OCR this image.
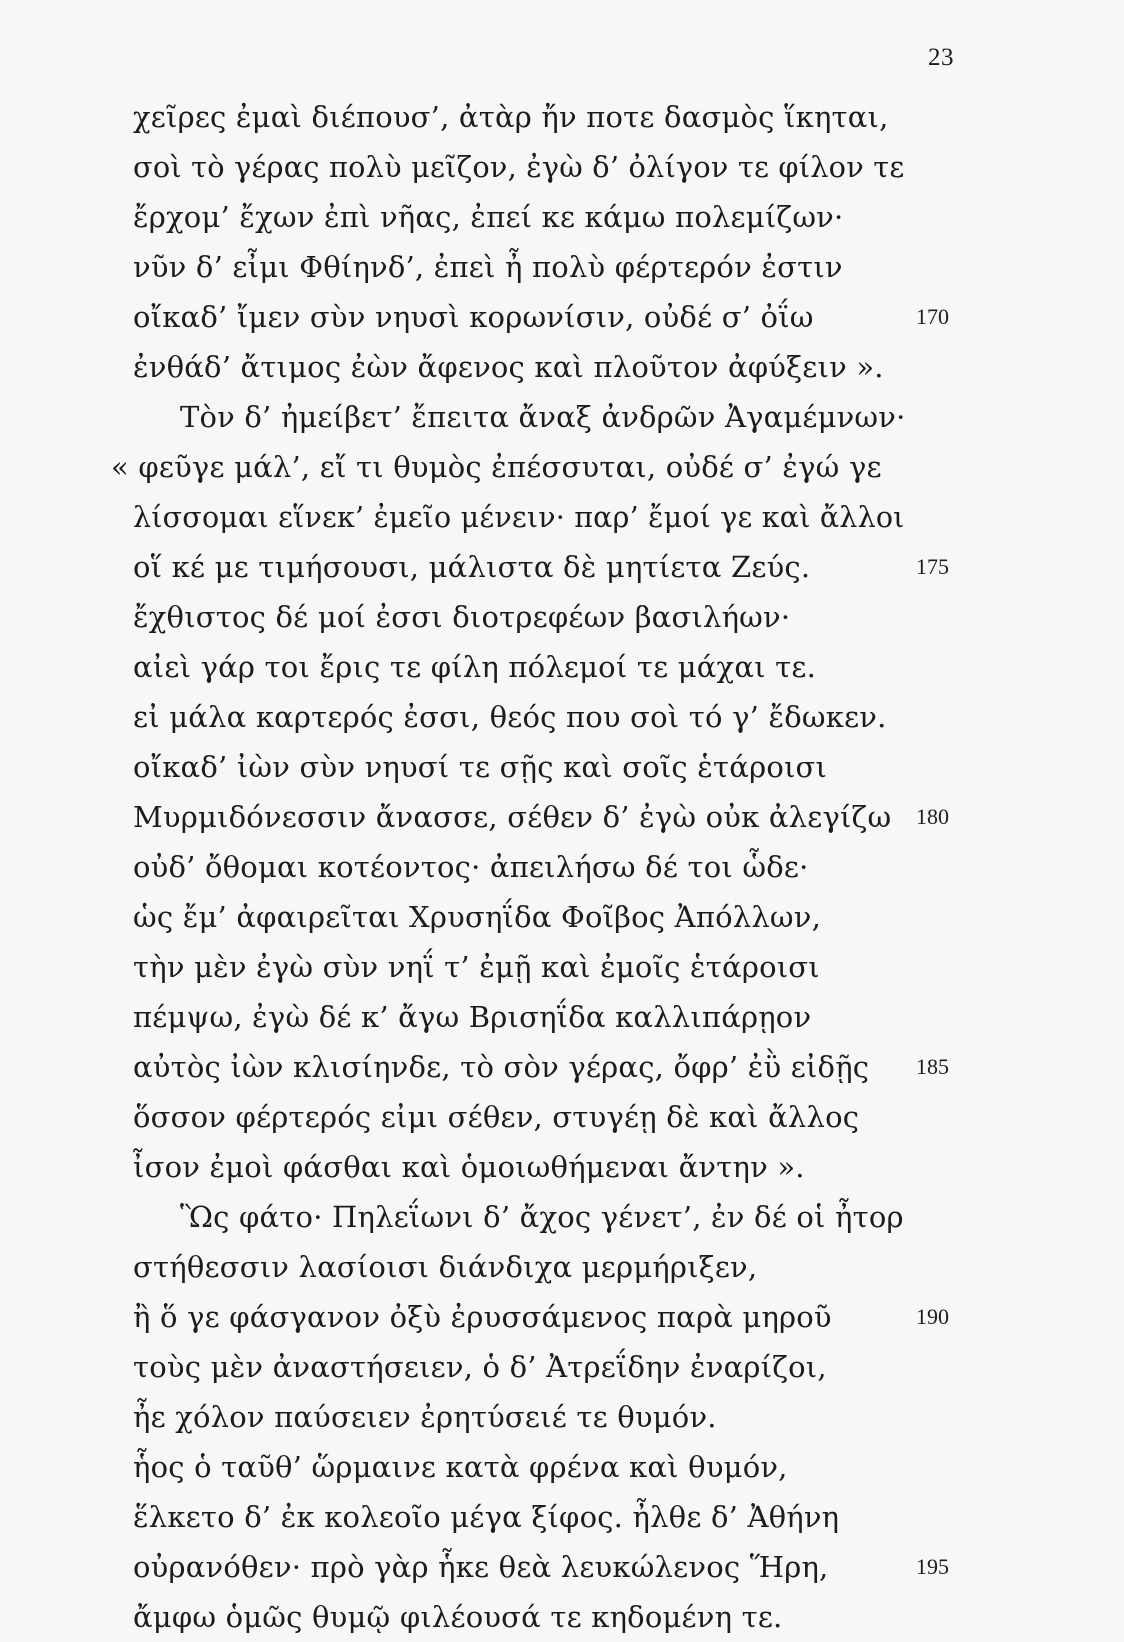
23
χεῖρες ἐμαὶ διέπουσ’, ἀτὰρ ἤν ποτε δασμὸς ἵκηται,
σοὶ τὸ γέρας πολὺ μεῖζον, ἐγὼ δ’ ὀλίγον τε φίλον τε
ἔρχομ’ ἔχων ἐπὶ νῆας, ἐπεί κε κάμω πολεμίζων·
νῦν δ’ εἶμι Φθίηνδ’, ἐπεὶ ἦ πολὺ φέρτερόν ἐστιν
οἴκαδ’ ἴμεν σὺν νηυσὶ κορωνίσιν, οὐδέ σ’ ὀΐω	170
ἐνθάδ’ ἄτιμος ἐὼν ἄφενος καὶ πλοῦτον ἀφύξειν ».
Τὸν δ’ ἠμείβετ’ ἔπειτα ἄναξ ἀνδρῶν Ἀγαμέμνων·
« φεῦγε μάλ’, εἴ τι θυμὸς ἐπέσσυται, οὐδέ σ’ ἐγώ γε
λίσσομαι εἵνεκ’ ἐμεῖο μένειν· παρ’ ἔμοί γε καὶ ἄλλοι
οἵ κέ με τιμήσουσι, μάλιστα δὲ μητίετα Ζεύς.	175
ἔχθιστος δέ μοί ἐσσι διοτρεφέων βασιλήων·
αἰεὶ γάρ τοι ἔρις τε φίλη πόλεμοί τε μάχαι τε.
εἰ μάλα καρτερός ἐσσι, θεός που σοὶ τό γ’ ἔδωκεν.
οἴκαδ’ ἰὼν σὺν νηυσί τε σῇς καὶ σοῖς ἑτάροισι
Μυρμιδόνεσσιν ἄνασσε, σέθεν δ’ ἐγὼ οὐκ ἀλεγίζω 180
οὐδ’ ὄθομαι κοτέοντος· ἀπειλήσω δέ τοι ὧδε·
ὡς ἔμ’ ἀφαιρεῖται Χρυσηΐδα Φοῖβος Ἀπόλλων,
τὴν μὲν ἐγὼ σὺν νηΐ τ’ ἐμῇ καὶ ἐμοῖς ἑτάροισι
πέμψω, ἐγὼ δέ κ’ ἄγω Βρισηΐδα καλλιπάρῃον
αὐτὸς ἰὼν κλισίηνδε, τὸ σὸν γέρας, ὄφρ’ ἐῢ εἰδῇς 185
ὅσσον φέρτερός εἰμι σέθεν, στυγέῃ δὲ καὶ ἄλλος
ἶσον ἐμοὶ φάσθαι καὶ ὁμοιωθήμεναι ἄντην ».
Ὣς φάτο· Πηλεΐωνι δ’ ἄχος γένετ’, ἐν δέ οἱ ἦτορ
στήθεσσιν λασίοισι διάνδιχα μερμήριξεν,
ἢ ὅ γε φάσγανον ὀξὺ ἐρυσσάμενος παρὰ μηροῦ	190
τοὺς μὲν ἀναστήσειεν, ὁ δ’ Ἀτρεΐδην ἐναρίζοι,
ἦε χόλον παύσειεν ἐρητύσειέ τε θυμόν.
ἧος ὁ ταῦθ’ ὥρμαινε κατὰ φρένα καὶ θυμόν,
ἕλκετο δ’ ἐκ κολεοῖο μέγα ξίφος. ἦλθε δ’ Ἀθήνη
οὐρανόθεν· πρὸ γὰρ ἧκε θεὰ λευκώλενος Ἥρη,	195
ἄμφω ὁμῶς θυμῷ φιλέουσά τε κηδομένη τε.
